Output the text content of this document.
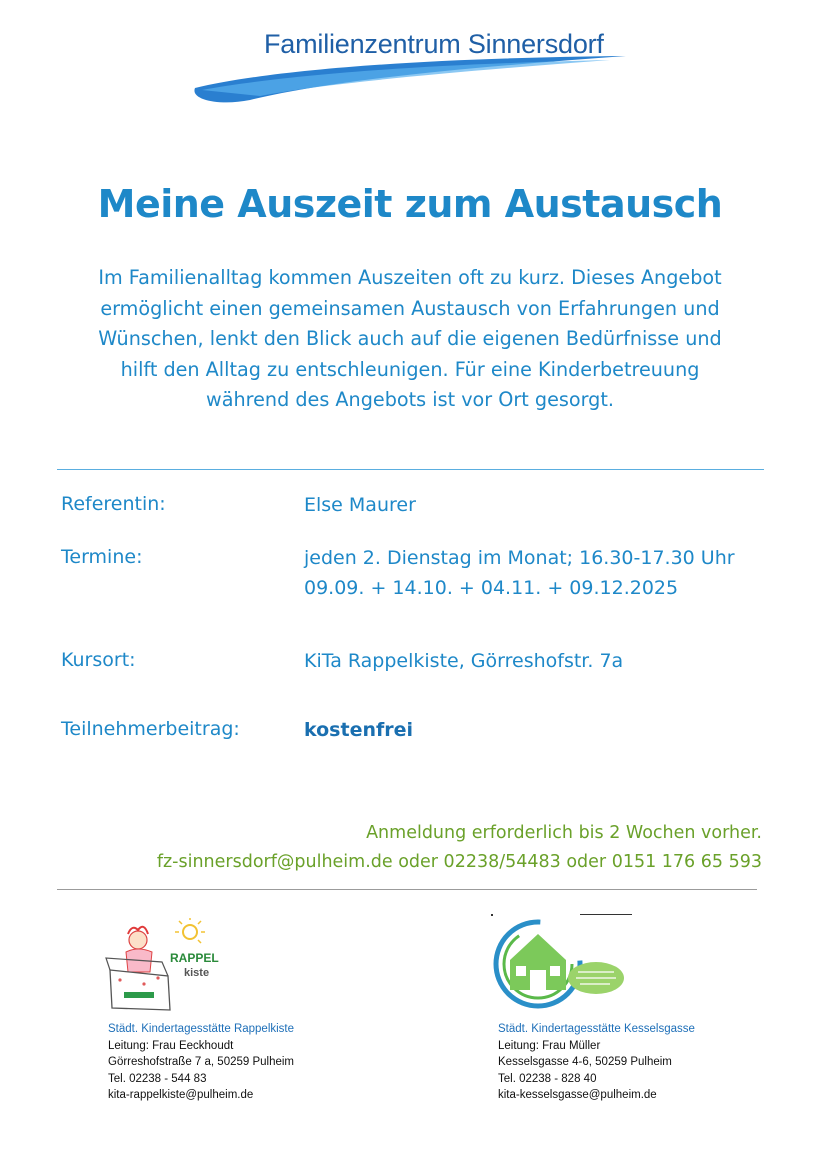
Familienzentrum Sinnersdorf
Meine Auszeit zum Austausch
Im Familienalltag kommen Auszeiten oft zu kurz. Dieses Angebot
ermöglicht einen gemeinsamen Austausch von Erfahrungen und
Wünschen, lenkt den Blick auch auf die eigenen Bedürfnisse und
hilft den Alltag zu entschleunigen. Für eine Kinderbetreuung
während des Angebots ist vor Ort gesorgt.
Referentin:	Else Maurer
Termine:	jeden 2. Dienstag im Monat; 16.30-17.30 Uhr
09.09. + 14.10. + 04.11. + 09.12.2025
Kursort:	KiTa Rappelkiste, Görreshofstr. 7a
Teilnehmerbeitrag:	kostenfrei
Anmeldung erforderlich bis 2 Wochen vorher.
fz-sinnersdorf@pulheim.de oder 02238/54483 oder 0151 176 65 593
RAPPEL
kiste
Städt. Kindertagesstätte Rappelkiste
Leitung: Frau Eeckhoudt
Görreshofstraße 7 a, 50259 Pulheim
Tel. 02238 - 544 83
kita-rappelkiste@pulheim.de
Städt. Kindertagesstätte Kesselsgasse
Leitung: Frau Müller
Kesselsgasse 4-6, 50259 Pulheim
Tel. 02238 - 828 40
kita-kesselsgasse@pulheim.de
